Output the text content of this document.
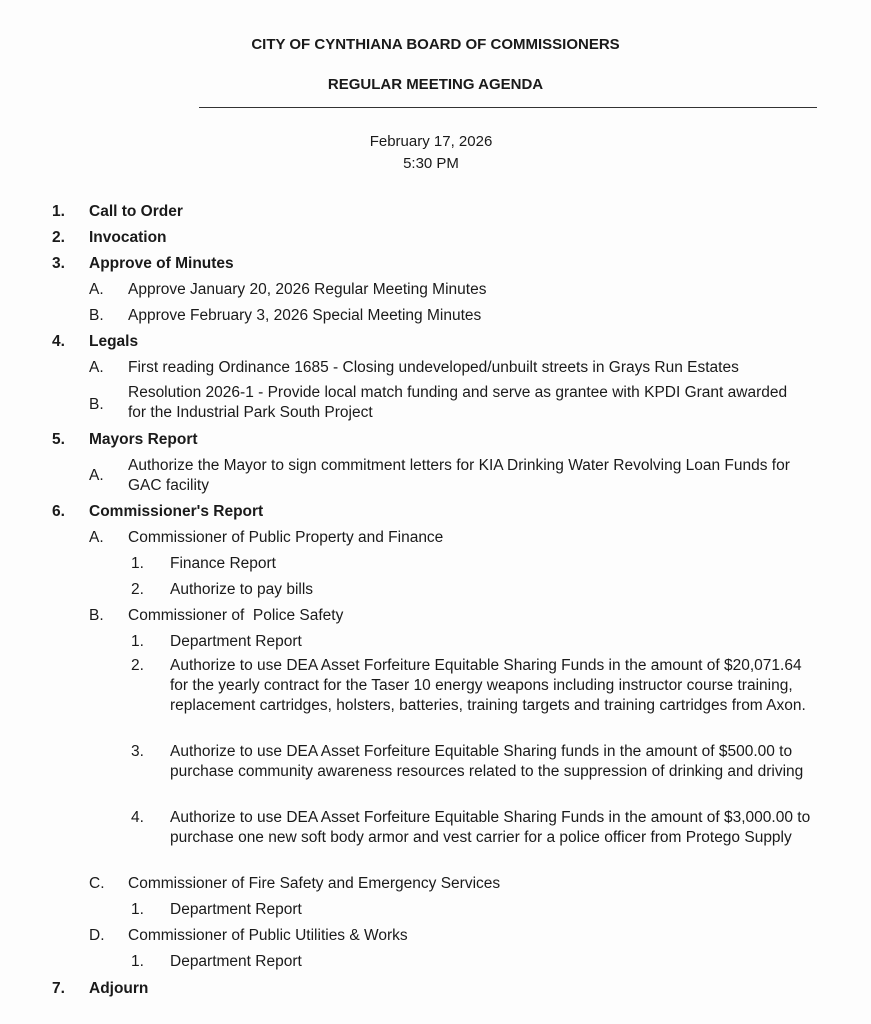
CITY OF CYNTHIANA BOARD OF COMMISSIONERS
REGULAR MEETING AGENDA
February 17, 2026
5:30 PM
1. Call to Order
2. Invocation
3. Approve of Minutes
A. Approve January 20, 2026 Regular Meeting Minutes
B. Approve February 3, 2026 Special Meeting Minutes
4. Legals
A. First reading Ordinance 1685 - Closing undeveloped/unbuilt streets in Grays Run Estates
B.
Resolution 2026-1 - Provide local match funding and serve as grantee with KPDI Grant awarded for the Industrial Park South Project
5. Mayors Report
A.
Authorize the Mayor to sign commitment letters for KIA Drinking Water Revolving Loan Funds for GAC facility
6. Commissioner's Report
A. Commissioner of Public Property and Finance
1. Finance Report
2. Authorize to pay bills
B. Commissioner of  Police Safety
1. Department Report
2. Authorize to use DEA Asset Forfeiture Equitable Sharing Funds in the amount of $20,071.64 for the yearly contract for the Taser 10 energy weapons including instructor course training, replacement cartridges, holsters, batteries, training targets and training cartridges from Axon.
3. Authorize to use DEA Asset Forfeiture Equitable Sharing funds in the amount of $500.00 to purchase community awareness resources related to the suppression of drinking and driving
4. Authorize to use DEA Asset Forfeiture Equitable Sharing Funds in the amount of $3,000.00 to purchase one new soft body armor and vest carrier for a police officer from Protego Supply
C. Commissioner of Fire Safety and Emergency Services
1. Department Report
D. Commissioner of Public Utilities & Works
1. Department Report
7. Adjourn
